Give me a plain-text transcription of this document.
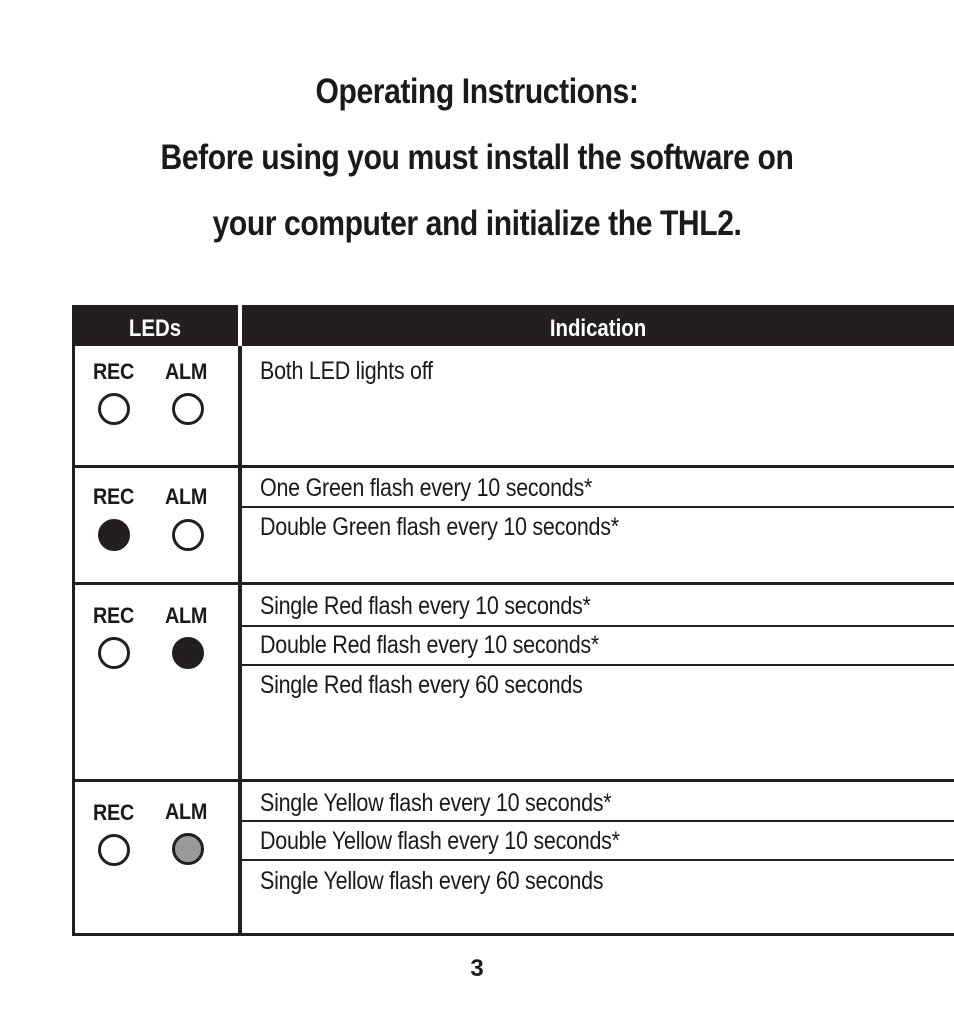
Operating Instructions:
Before using you must install the software on
your computer and initialize the THL2.
LEDs	Indication
REC ALM Both LED lights off
REC ALM One Green flash every 10 seconds*
Double Green flash every 10 seconds*
REC ALM Single Red flash every 10 seconds*
Double Red flash every 10 seconds*
Single Red flash every 60 seconds
REC ALM Single Yellow flash every 10 seconds*
Double Yellow flash every 10 seconds*
Single Yellow flash every 60 seconds
3
